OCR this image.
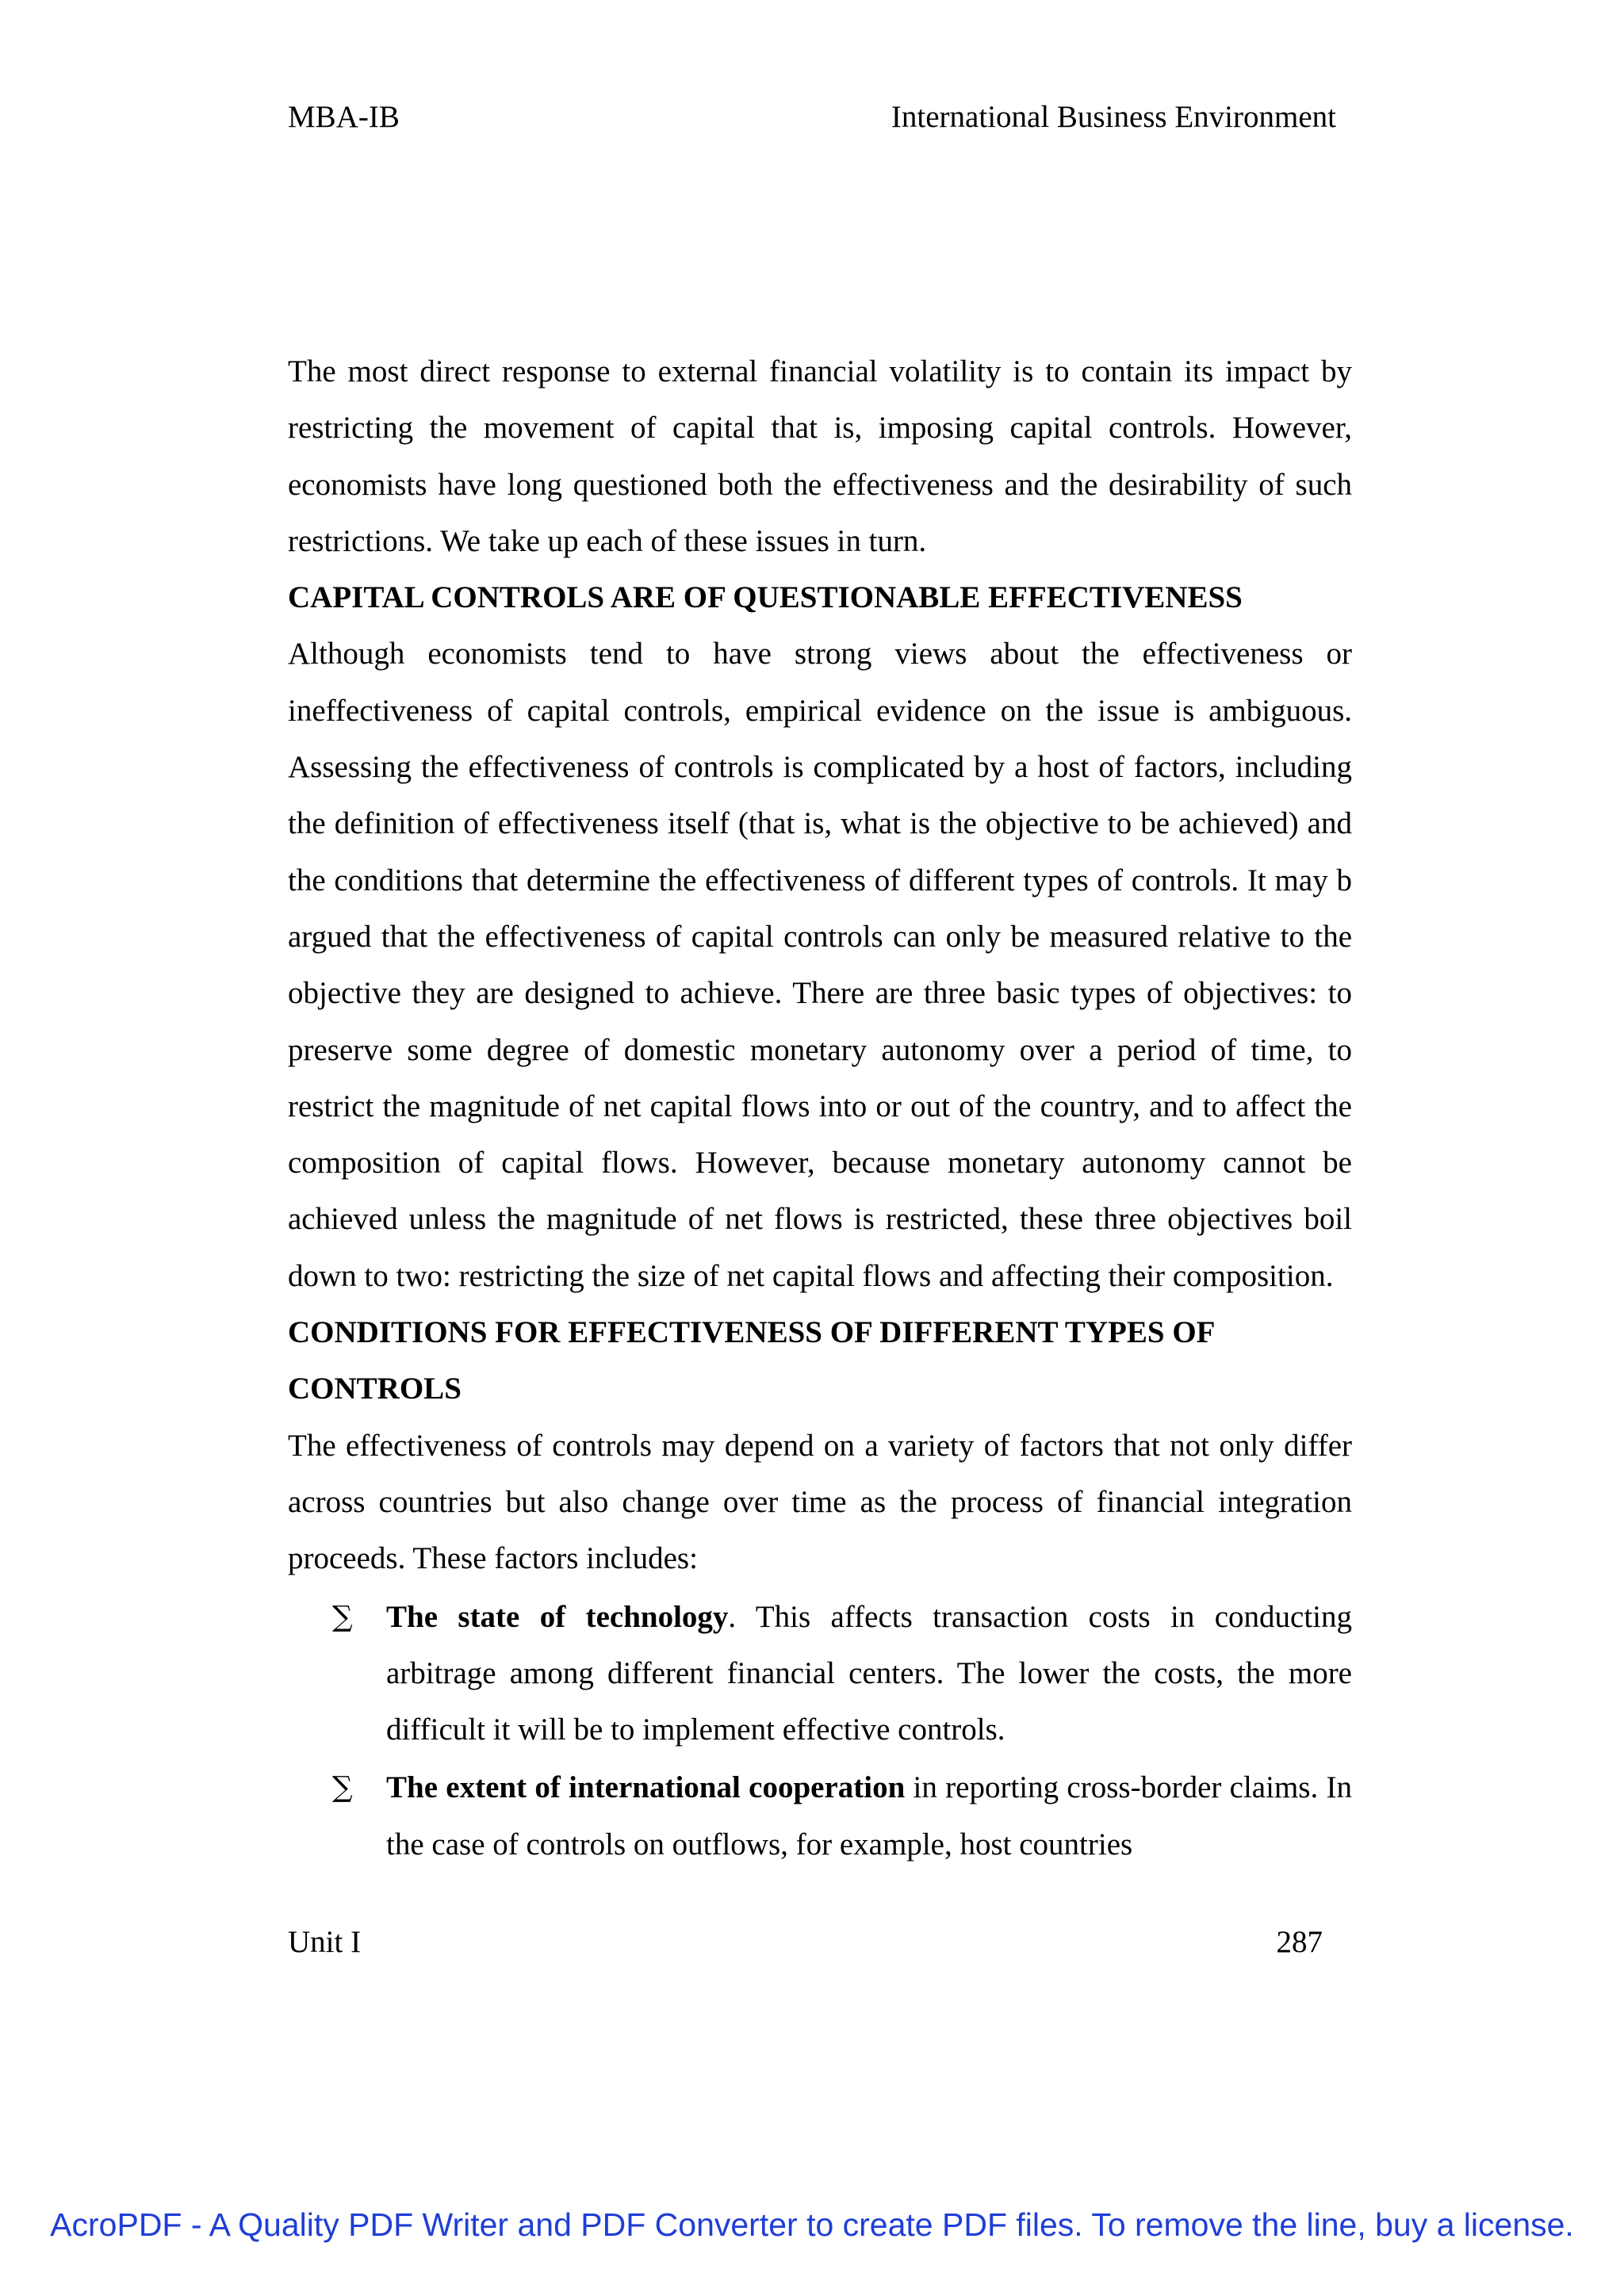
MBA-IB	International Business Environment

The most direct response to external financial volatility is to contain its impact by restricting the movement of capital that is, imposing capital controls. However, economists have long questioned both the effectiveness and the desirability of such restrictions. We take up each of these issues in turn.

CAPITAL CONTROLS ARE OF QUESTIONABLE EFFECTIVENESS

Although economists tend to have strong views about the effectiveness or ineffectiveness of capital controls, empirical evidence on the issue is ambiguous. Assessing the effectiveness of controls is complicated by a host of factors, including the definition of effectiveness itself (that is, what is the objective to be achieved) and the conditions that determine the effectiveness of different types of controls. It may b argued that the effectiveness of capital controls can only be measured relative to the objective they are designed to achieve. There are three basic types of objectives: to preserve some degree of domestic monetary autonomy over a period of time, to restrict the magnitude of net capital flows into or out of the country, and to affect the composition of capital flows. However, because monetary autonomy cannot be achieved unless the magnitude of net flows is restricted, these three objectives boil down to two: restricting the size of net capital flows and affecting their composition.

CONDITIONS FOR EFFECTIVENESS OF DIFFERENT TYPES OF CONTROLS

The effectiveness of controls may depend on a variety of factors that not only differ across countries but also change over time as the process of financial integration proceeds. These factors includes:

∑ The state of technology. This affects transaction costs in conducting arbitrage among different financial centers. The lower the costs, the more difficult it will be to implement effective controls.
∑ The extent of international cooperation in reporting cross-border claims. In the case of controls on outflows, for example, host countries
Unit I	287
AcroPDF - A Quality PDF Writer and PDF Converter to create PDF files. To remove the line, buy a license.
